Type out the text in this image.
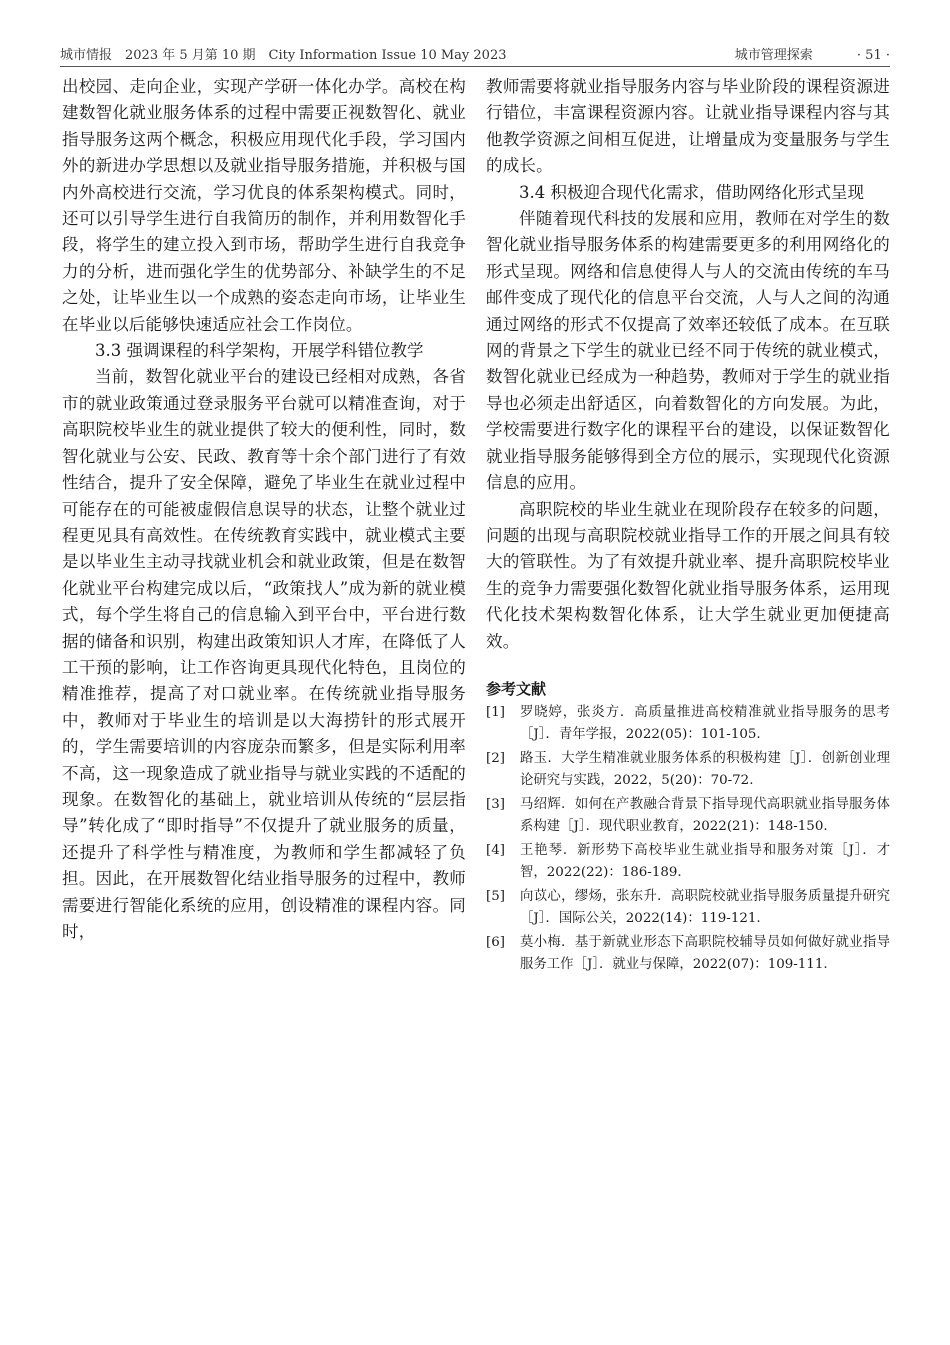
城市情报　2023 年 5 月第 10 期　City Information Issue 10 May 2023	城市管理探索	· 51 ·

出校园、走向企业，实现产学研一体化办学。高校在构建数智化就业服务体系的过程中需要正视数智化、就业指导服务这两个概念，积极应用现代化手段，学习国内外的新进办学思想以及就业指导服务措施，并积极与国内外高校进行交流，学习优良的体系架构模式。同时，还可以引导学生进行自我简历的制作，并利用数智化手段，将学生的建立投入到市场，帮助学生进行自我竞争力的分析，进而强化学生的优势部分、补缺学生的不足之处，让毕业生以一个成熟的姿态走向市场，让毕业生在毕业以后能够快速适应社会工作岗位。

3.3 强调课程的科学架构，开展学科错位教学

当前，数智化就业平台的建设已经相对成熟，各省市的就业政策通过登录服务平台就可以精准查询，对于高职院校毕业生的就业提供了较大的便利性，同时，数智化就业与公安、民政、教育等十余个部门进行了有效性结合，提升了安全保障，避免了毕业生在就业过程中可能存在的可能被虚假信息误导的状态，让整个就业过程更见具有高效性。在传统教育实践中，就业模式主要是以毕业生主动寻找就业机会和就业政策，但是在数智化就业平台构建完成以后，“政策找人”成为新的就业模式，每个学生将自己的信息输入到平台中，平台进行数据的储备和识别，构建出政策知识人才库，在降低了人工干预的影响，让工作咨询更具现代化特色，且岗位的精准推荐，提高了对口就业率。在传统就业指导服务中，教师对于毕业生的培训是以大海捞针的形式展开的，学生需要培训的内容庞杂而繁多，但是实际利用率不高，这一现象造成了就业指导与就业实践的不适配的现象。在数智化的基础上，就业培训从传统的“层层指导”转化成了“即时指导”不仅提升了就业服务的质量，还提升了科学性与精准度，为教师和学生都减轻了负担。因此，在开展数智化结业指导服务的过程中，教师需要进行智能化系统的应用，创设精准的课程内容。同时，

教师需要将就业指导服务内容与毕业阶段的课程资源进行错位，丰富课程资源内容。让就业指导课程内容与其他教学资源之间相互促进，让增量成为变量服务与学生的成长。

3.4 积极迎合现代化需求，借助网络化形式呈现

伴随着现代科技的发展和应用，教师在对学生的数智化就业指导服务体系的构建需要更多的利用网络化的形式呈现。网络和信息使得人与人的交流由传统的车马邮件变成了现代化的信息平台交流，人与人之间的沟通通过网络的形式不仅提高了效率还较低了成本。在互联网的背景之下学生的就业已经不同于传统的就业模式，数智化就业已经成为一种趋势，教师对于学生的就业指导也必须走出舒适区，向着数智化的方向发展。为此，学校需要进行数字化的课程平台的建设，以保证数智化就业指导服务能够得到全方位的展示，实现现代化资源信息的应用。

高职院校的毕业生就业在现阶段存在较多的问题，问题的出现与高职院校就业指导工作的开展之间具有较大的管联性。为了有效提升就业率、提升高职院校毕业生的竞争力需要强化数智化就业指导服务体系，运用现代化技术架构数智化体系，让大学生就业更加便捷高效。

参考文献
[1]	罗晓婷，张炎方．高质量推进高校精准就业指导服务的思考［J］．青年学报，2022(05)：101-105.
[2]	路玉．大学生精准就业服务体系的积极构建［J］．创新创业理论研究与实践，2022，5(20)：70-72.
[3]	马绍辉．如何在产教融合背景下指导现代高职就业指导服务体系构建［J］．现代职业教育，2022(21)：148-150.
[4]	王艳琴．新形势下高校毕业生就业指导和服务对策［J］．才智，2022(22)：186-189.
[5]	向苡心，缪炀，张东升．高职院校就业指导服务质量提升研究［J］．国际公关，2022(14)：119-121.
[6]	莫小梅．基于新就业形态下高职院校辅导员如何做好就业指导服务工作［J］．就业与保障，2022(07)：109-111.
